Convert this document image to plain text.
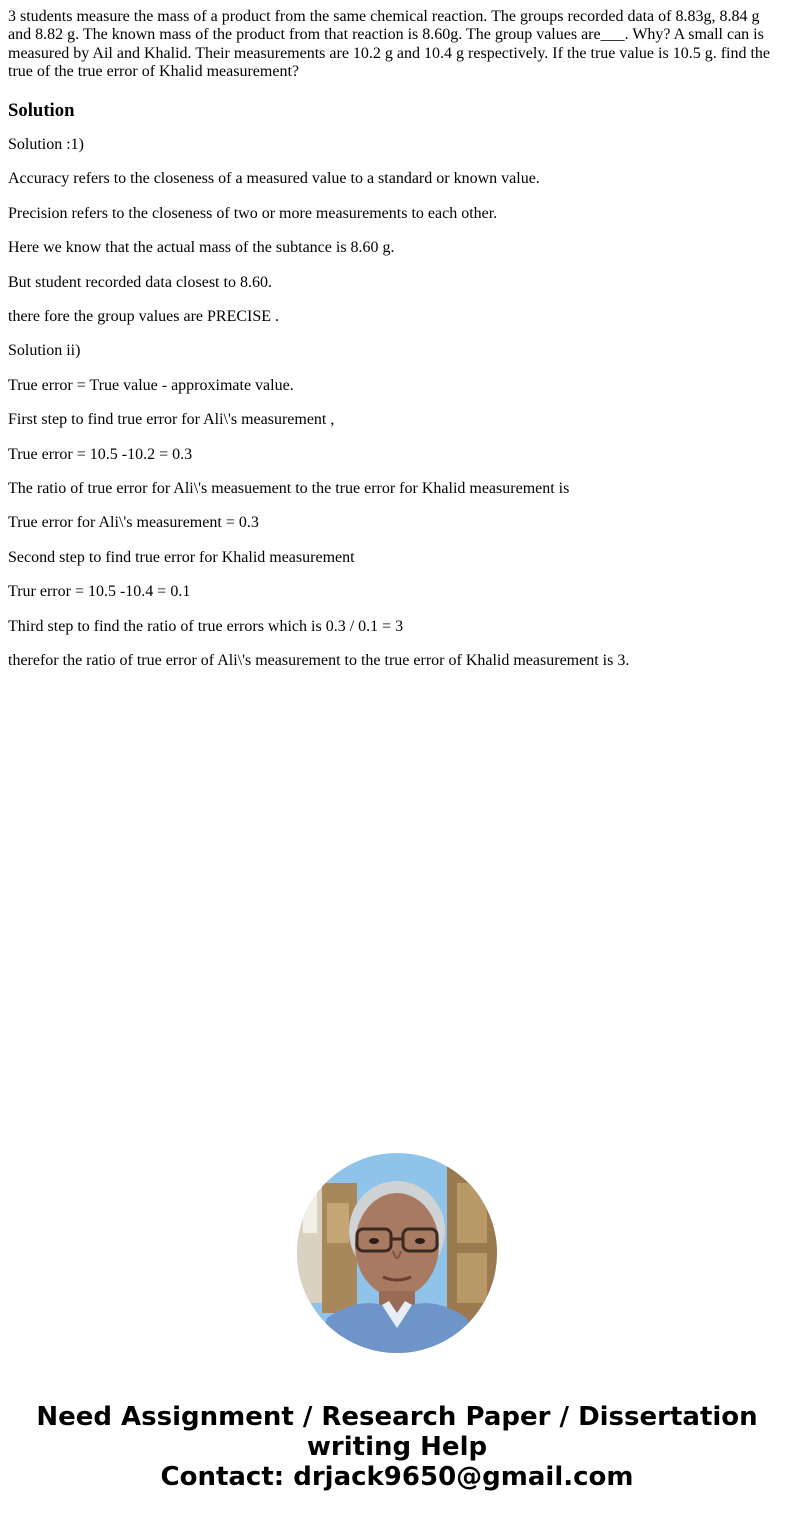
3 students measure the mass of a product from the same chemical reaction. The groups recorded data of 8.83g, 8.84 g and 8.82 g. The known mass of the product from that reaction is 8.60g. The group values are___. Why? A small can is measured by Ail and Khalid. Their measurements are 10.2 g and 10.4 g respectively. If the true value is 10.5 g. find the true of the true error of Khalid measurement?

Solution

Solution :1)

Accuracy refers to the closeness of a measured value to a standard or known value.

Precision refers to the closeness of two or more measurements to each other.

Here we know that the actual mass of the subtance is 8.60 g.

But student recorded data closest to 8.60.

there fore the group values are PRECISE .

Solution ii)

True error = True value - approximate value.

First step to find true error for Ali\'s measurement ,

True error = 10.5 -10.2 = 0.3

The ratio of true error for Ali\'s measuement to the true error for Khalid measurement is

True error for Ali\'s measurement = 0.3

Second step to find true error for Khalid measurement

Trur error = 10.5 -10.4 = 0.1

Third step to find the ratio of true errors which is 0.3 / 0.1 = 3

therefor the ratio of true error of Ali\'s measurement to the true error of Khalid measurement is 3.

Need Assignment / Research Paper / Dissertation
writing Help
Contact: drjack9650@gmail.com
